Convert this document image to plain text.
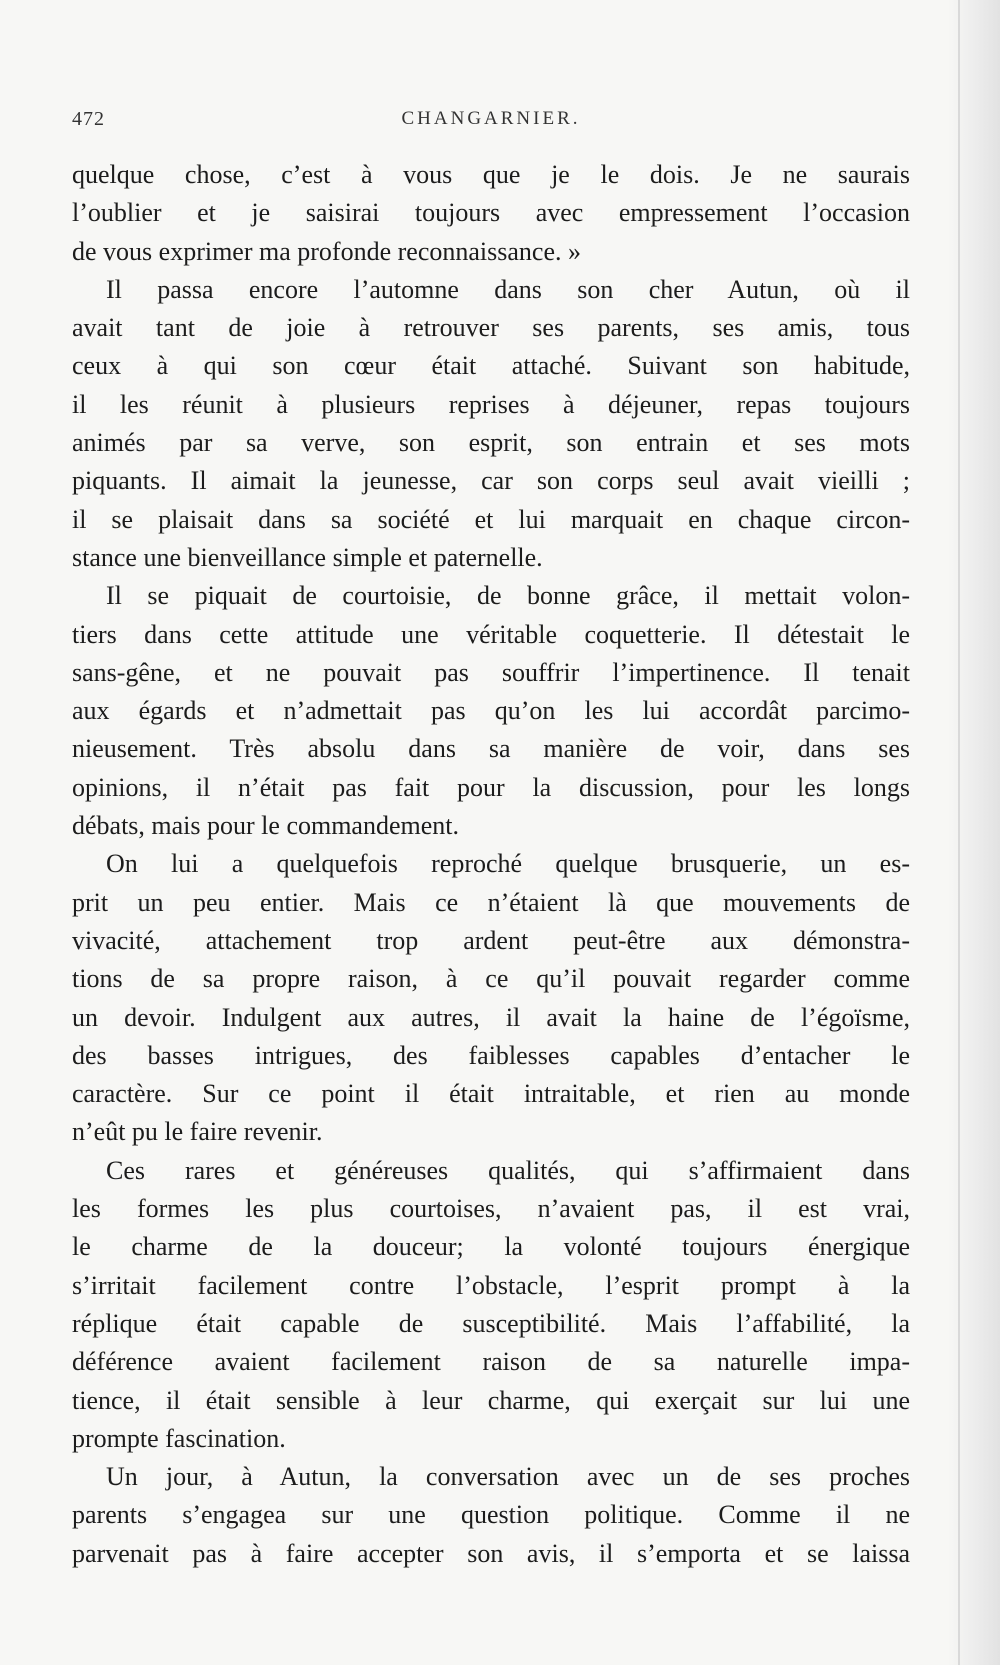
472	CHANGARNIER.
quelque chose, c’est à vous que je le dois. Je ne saurais
l’oublier et je saisirai toujours avec empressement l’occasion
de vous exprimer ma profonde reconnaissance. »
Il passa encore l’automne dans son cher Autun, où il
avait tant de joie à retrouver ses parents, ses amis, tous
ceux à qui son cœur était attaché. Suivant son habitude,
il les réunit à plusieurs reprises à déjeuner, repas toujours
animés par sa verve, son esprit, son entrain et ses mots
piquants. Il aimait la jeunesse, car son corps seul avait vieilli ;
il se plaisait dans sa société et lui marquait en chaque circon-
stance une bienveillance simple et paternelle.
Il se piquait de courtoisie, de bonne grâce, il mettait volon-
tiers dans cette attitude une véritable coquetterie. Il détestait le
sans-gêne, et ne pouvait pas souffrir l’impertinence. Il tenait
aux égards et n’admettait pas qu’on les lui accordât parcimo-
nieusement. Très absolu dans sa manière de voir, dans ses
opinions, il n’était pas fait pour la discussion, pour les longs
débats, mais pour le commandement.
On lui a quelquefois reproché quelque brusquerie, un es-
prit un peu entier. Mais ce n’étaient là que mouvements de
vivacité, attachement trop ardent peut-être aux démonstra-
tions de sa propre raison, à ce qu’il pouvait regarder comme
un devoir. Indulgent aux autres, il avait la haine de l’égoïsme,
des basses intrigues, des faiblesses capables d’entacher le
caractère. Sur ce point il était intraitable, et rien au monde
n’eût pu le faire revenir.
Ces rares et généreuses qualités, qui s’affirmaient dans
les formes les plus courtoises, n’avaient pas, il est vrai,
le charme de la douceur; la volonté toujours énergique
s’irritait facilement contre l’obstacle, l’esprit prompt à la
réplique était capable de susceptibilité. Mais l’affabilité, la
déférence avaient facilement raison de sa naturelle impa-
tience, il était sensible à leur charme, qui exerçait sur lui une
prompte fascination.
Un jour, à Autun, la conversation avec un de ses proches
parents s’engagea sur une question politique. Comme il ne
parvenait pas à faire accepter son avis, il s’emporta et se laissa
